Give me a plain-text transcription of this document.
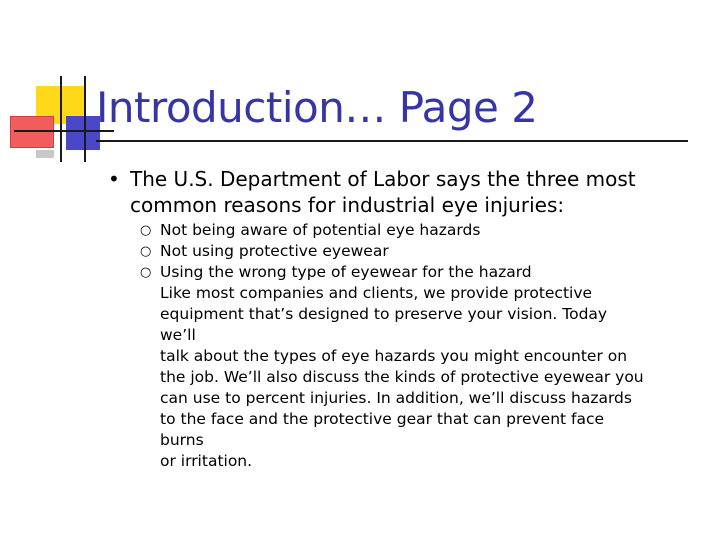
Introduction… Page 2

• The U.S. Department of Labor says the three most common reasons for industrial eye injuries:

○ Not being aware of potential eye hazards
○ Not using protective eyewear
○ Using the wrong type of eyewear for the hazard

Like most companies and clients, we provide protective
equipment that’s designed to preserve your vision. Today
we’ll
talk about the types of eye hazards you might encounter on
the job. We’ll also discuss the kinds of protective eyewear you
can use to percent injuries. In addition, we’ll discuss hazards
to the face and the protective gear that can prevent face
burns
or irritation.
